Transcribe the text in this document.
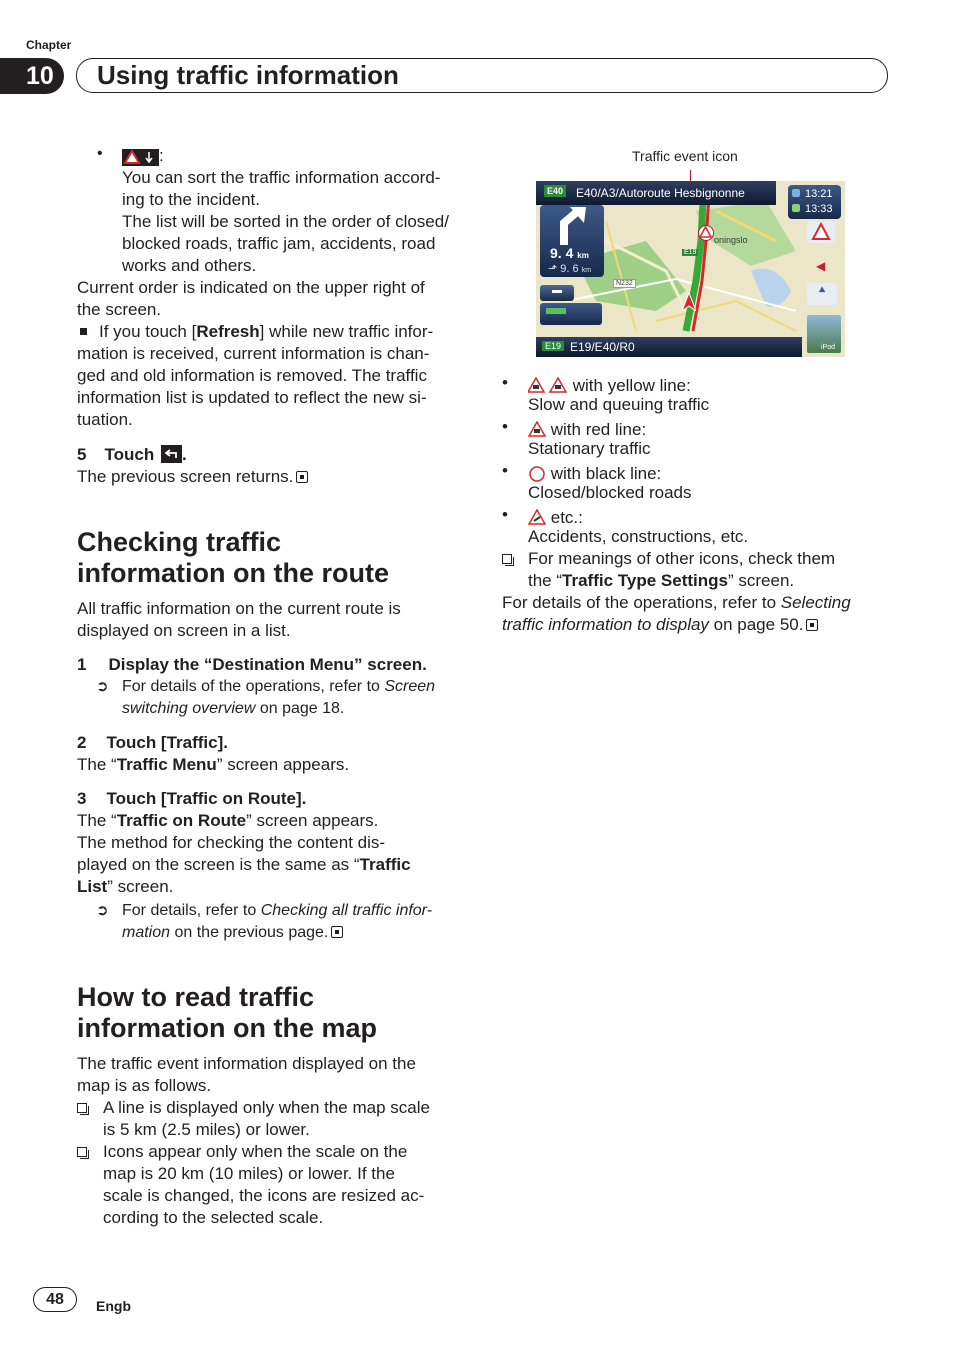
Chapter
10 Using traffic information
•	:
You can sort the traffic information accord-
ing to the incident.
The list will be sorted in the order of closed/
blocked roads, traffic jam, accidents, road
works and others.
Current order is indicated on the upper right of
the screen.
If you touch [Refresh] while new traffic infor-
mation is received, current information is chan-
ged and old information is removed. The traffic
information list is updated to reflect the new si-
tuation.
5 Touch .
The previous screen returns.
Checking traffic
information on the route
All traffic information on the current route is
displayed on screen in a list.
1 Display the “Destination Menu” screen.
➲ For details of the operations, refer to Screen
switching overview on page 18.
2 Touch [Traffic].
The “Traffic Menu” screen appears.
3 Touch [Traffic on Route].
The “Traffic on Route” screen appears.
The method for checking the content dis-
played on the screen is the same as “Traffic
List” screen.
➲ For details, refer to Checking all traffic infor-
mation on the previous page.
How to read traffic
information on the map
The traffic event information displayed on the
map is as follows.
A line is displayed only when the map scale
is 5 km (2.5 miles) or lower.
Icons appear only when the scale on the
map is 20 km (10 miles) or lower. If the
scale is changed, the icons are resized ac-
cording to the selected scale.
Traffic event icon
E40 E40/A3/Autoroute Hesbignonne
9. 4 km
⬏ 9. 6 km
13:21
13:33
oningslo
E19
N232
▬
◀
⯅
iPod
E19 E19/E40/R0
•	with yellow line:
Slow and queuing traffic
•	with red line:
Stationary traffic
•	with black line:
Closed/blocked roads
•	etc.:
Accidents, constructions, etc.
For meanings of other icons, check them
the “Traffic Type Settings” screen.
For details of the operations, refer to Selecting
traffic information to display on page 50.
48	Engb
